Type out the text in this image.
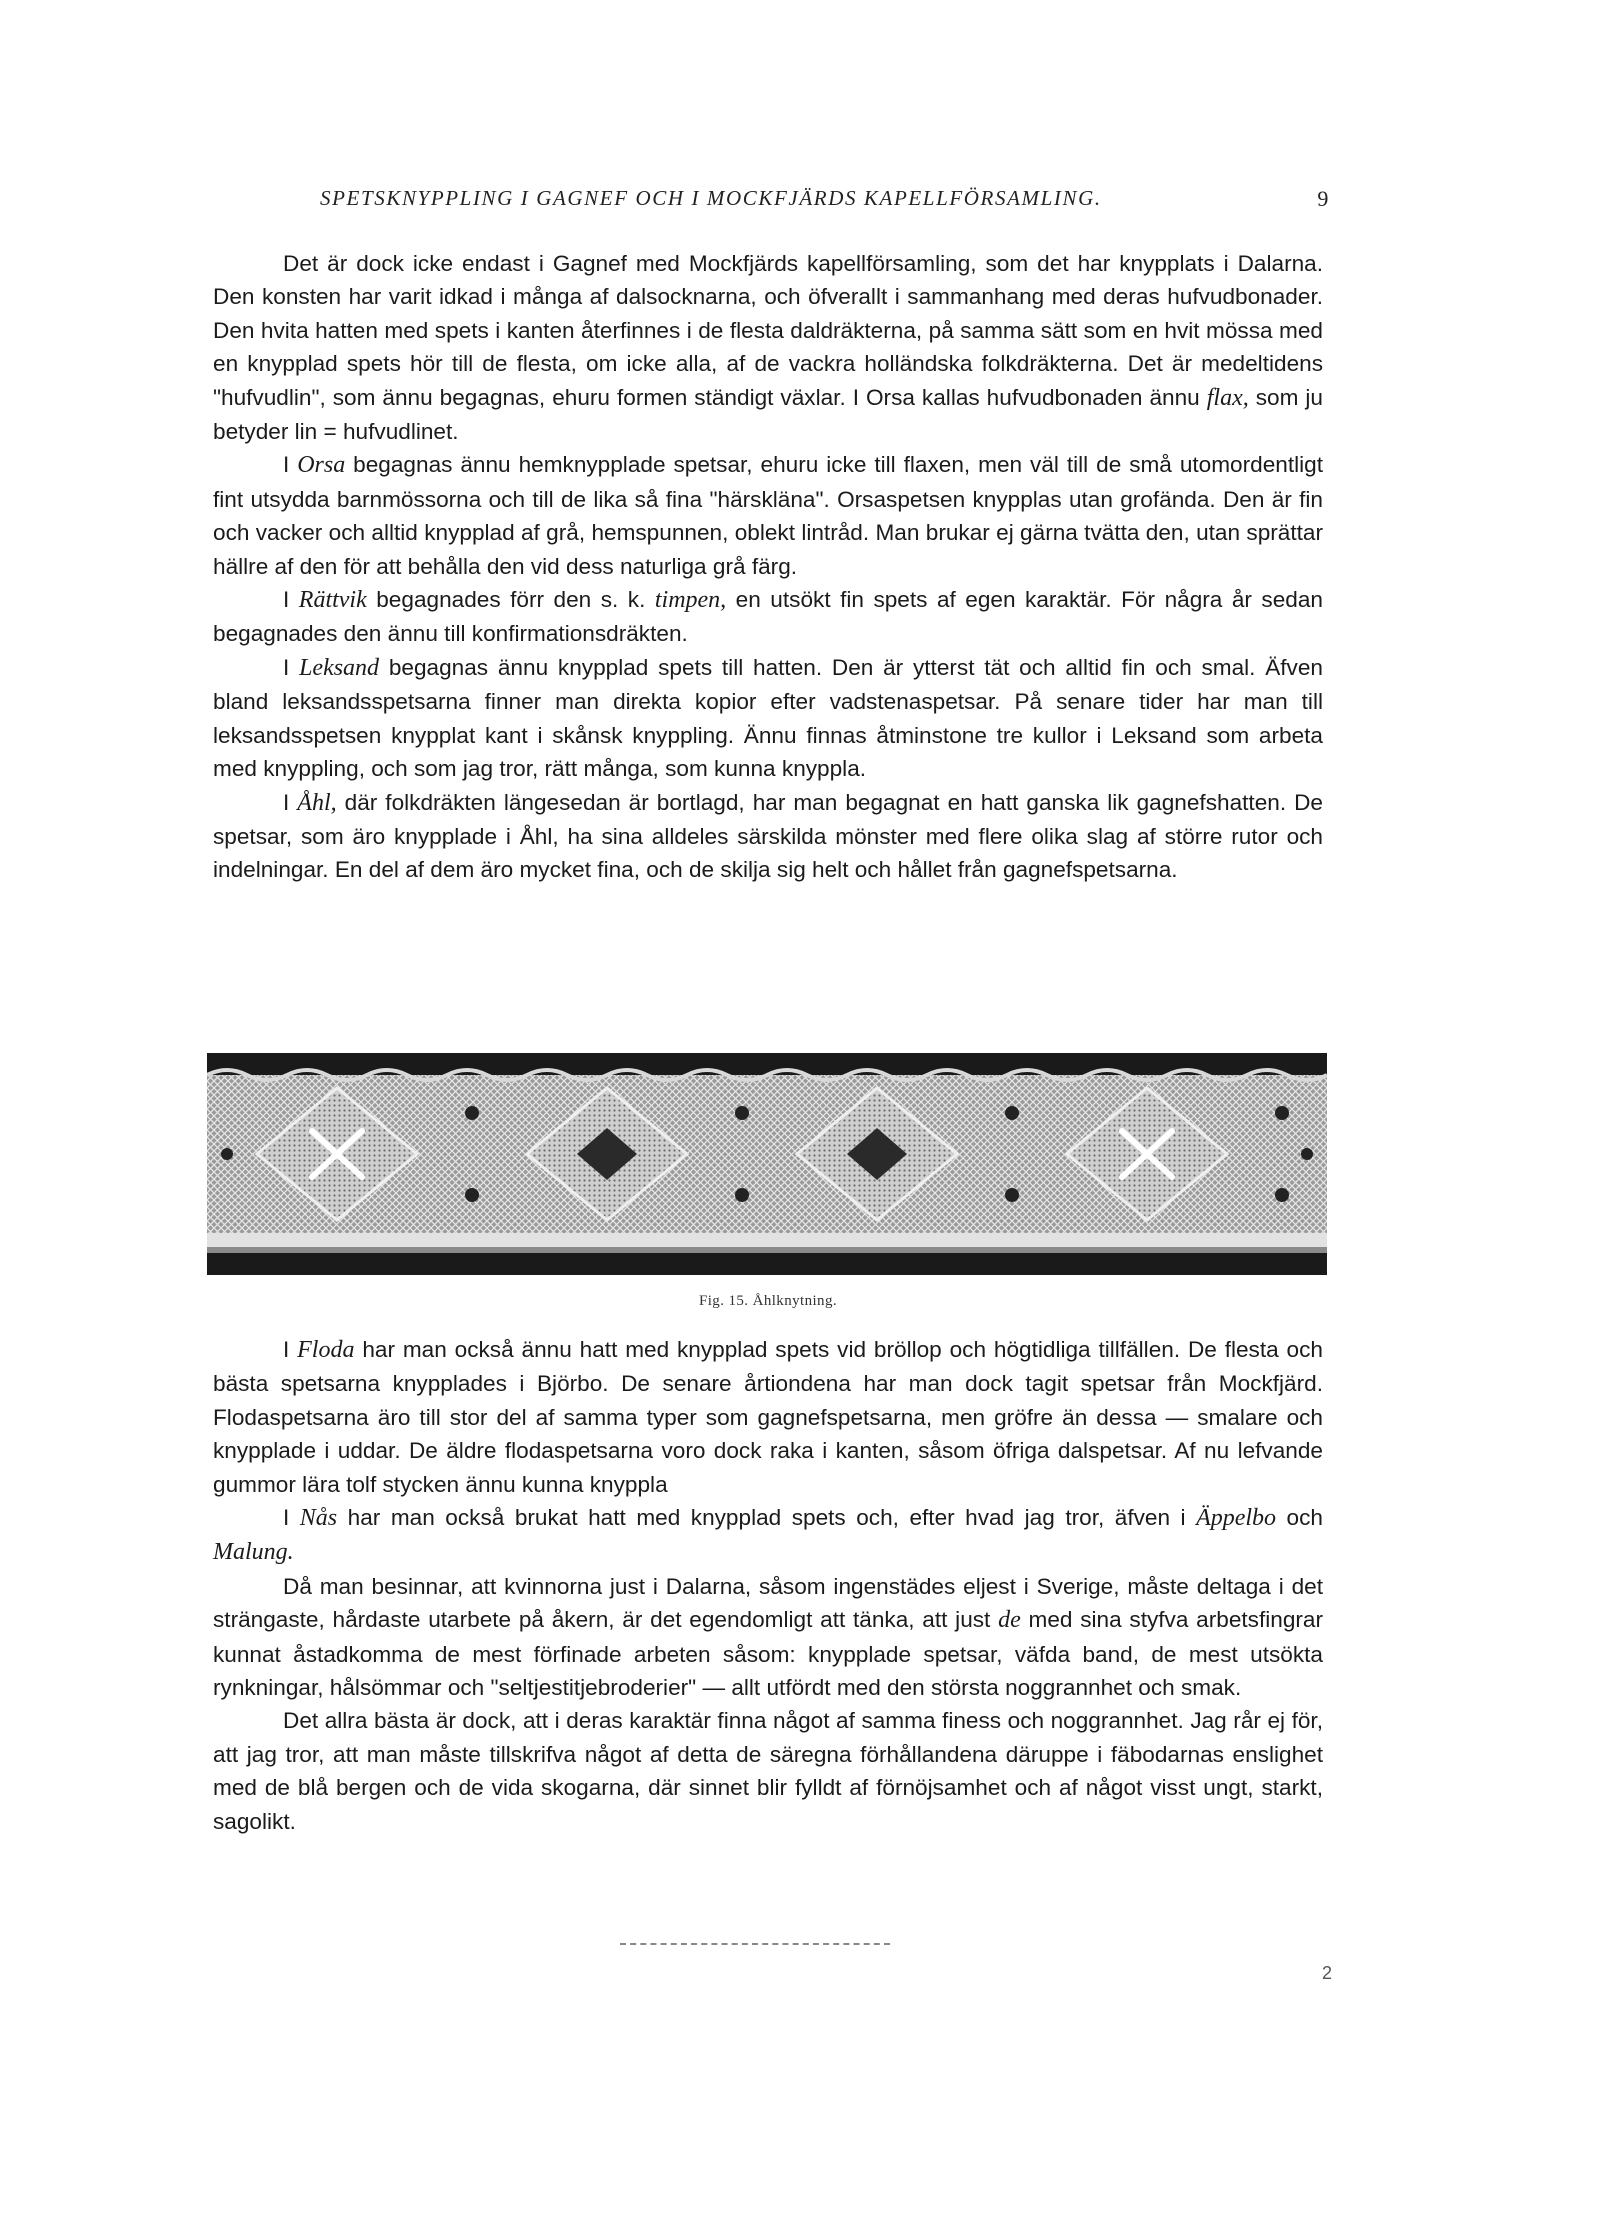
SPETSKNYPPLING I GAGNEF OCH I MOCKFJÄRDS KAPELLFÖRSAMLING.	9

Det är dock icke endast i Gagnef med Mockfjärds kapellförsamling, som det har knypplats i Dalarna. Den konsten har varit idkad i många af dalsocknarna, och öfverallt i sammanhang med deras hufvudbonader. Den hvita hatten med spets i kanten återfinnes i de flesta daldräkterna, på samma sätt som en hvit mössa med en knypplad spets hör till de flesta, om icke alla, af de vackra holländska folkdräkterna. Det är medeltidens "hufvudlin", som ännu begagnas, ehuru formen ständigt växlar. I Orsa kallas hufvudbonaden ännu flax, som ju betyder lin = hufvudlinet.

I Orsa begagnas ännu hemknypplade spetsar, ehuru icke till flaxen, men väl till de små utomordentligt fint utsydda barnmössorna och till de lika så fina "härskläna". Orsaspetsen knypplas utan grofända. Den är fin och vacker och alltid knypplad af grå, hemspunnen, oblekt lintråd. Man brukar ej gärna tvätta den, utan sprättar hällre af den för att behålla den vid dess naturliga grå färg.

I Rättvik begagnades förr den s. k. timpen, en utsökt fin spets af egen karaktär. För några år sedan begagnades den ännu till konfirmationsdräkten.

I Leksand begagnas ännu knypplad spets till hatten. Den är ytterst tät och alltid fin och smal. Äfven bland leksandsspetsarna finner man direkta kopior efter vadstenaspetsar. På senare tider har man till leksandsspetsen knypplat kant i skånsk knyppling. Ännu finnas åtminstone tre kullor i Leksand som arbeta med knyppling, och som jag tror, rätt många, som kunna knyppla.

I Åhl, där folkdräkten längesedan är bortlagd, har man begagnat en hatt ganska lik gagnefshatten. De spetsar, som äro knypplade i Åhl, ha sina alldeles särskilda mönster med flere olika slag af större rutor och indelningar. En del af dem äro mycket fina, och de skilja sig helt och hållet från gagnefspetsarna.

Fig. 15. Åhlknytning.

I Floda har man också ännu hatt med knypplad spets vid bröllop och högtidliga tillfällen. De flesta och bästa spetsarna knypplades i Björbo. De senare årtiondena har man dock tagit spetsar från Mockfjärd. Flodaspetsarna äro till stor del af samma typer som gagnefspetsarna, men gröfre än dessa — smalare och knypplade i uddar. De äldre flodaspetsarna voro dock raka i kanten, såsom öfriga dalspetsar. Af nu lefvande gummor lära tolf stycken ännu kunna knyppla

I Nås har man också brukat hatt med knypplad spets och, efter hvad jag tror, äfven i Äppelbo och Malung.

Då man besinnar, att kvinnorna just i Dalarna, såsom ingenstädes eljest i Sverige, måste deltaga i det strängaste, hårdaste utarbete på åkern, är det egendomligt att tänka, att just de med sina styfva arbetsfingrar kunnat åstadkomma de mest förfinade arbeten såsom: knypplade spetsar, väfda band, de mest utsökta rynkningar, hålsömmar och "seltjestitjebroderier" — allt utfördt med den största noggrannhet och smak.

Det allra bästa är dock, att i deras karaktär finna något af samma finess och noggrannhet. Jag rår ej för, att jag tror, att man måste tillskrifva något af detta de säregna förhållandena däruppe i fäbodarnas enslighet med de blå bergen och de vida skogarna, där sinnet blir fylldt af förnöjsamhet och af något visst ungt, starkt, sagolikt.

2
